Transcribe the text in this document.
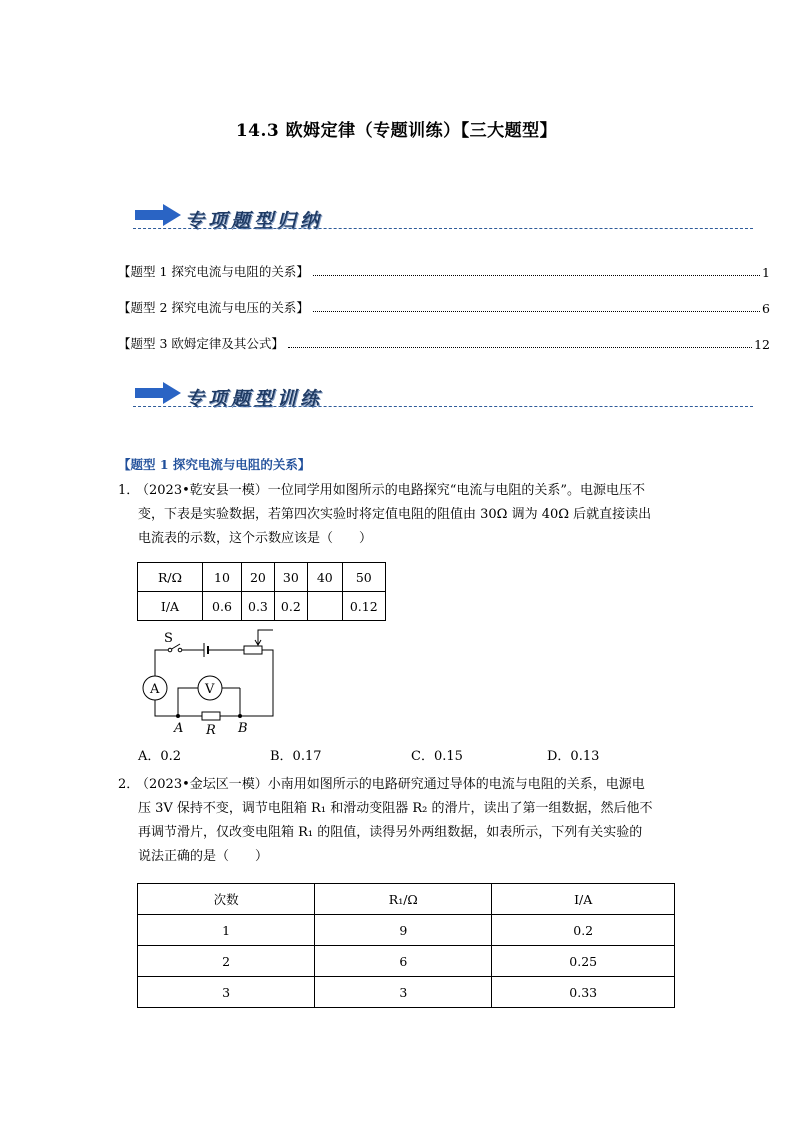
14.3 欧姆定律（专题训练）【三大题型】
专项题型归纳
【题型 1 探究电流与电阻的关系】	1
【题型 2 探究电流与电压的关系】	6
【题型 3 欧姆定律及其公式】	12
专项题型训练
【题型 1 探究电流与电阻的关系】

1．（2023•乾安县一模）一位同学用如图所示的电路探究“电流与电阻的关系”。电源电压不

变，下表是实验数据，若第四次实验时将定值电阻的阻值由 30Ω 调为 40Ω 后就直接读出

电流表的示数，这个示数应该是（　　）

R/Ω	10	20	30	40	50
I/A	0.6	0.3	0.2		0.12
S
A	V
A R B
A．0.2	B．0.17	C．0.15	D．0.13

2．（2023•金坛区一模）小南用如图所示的电路研究通过导体的电流与电阻的关系，电源电

压 3V 保持不变，调节电阻箱 R₁ 和滑动变阻器 R₂ 的滑片，读出了第一组数据，然后他不

再调节滑片，仅改变电阻箱 R₁ 的阻值，读得另外两组数据，如表所示，下列有关实验的

说法正确的是（　　）

次数	R₁/Ω	I/A
1	9	0.2
2	6	0.25
3	3	0.33
